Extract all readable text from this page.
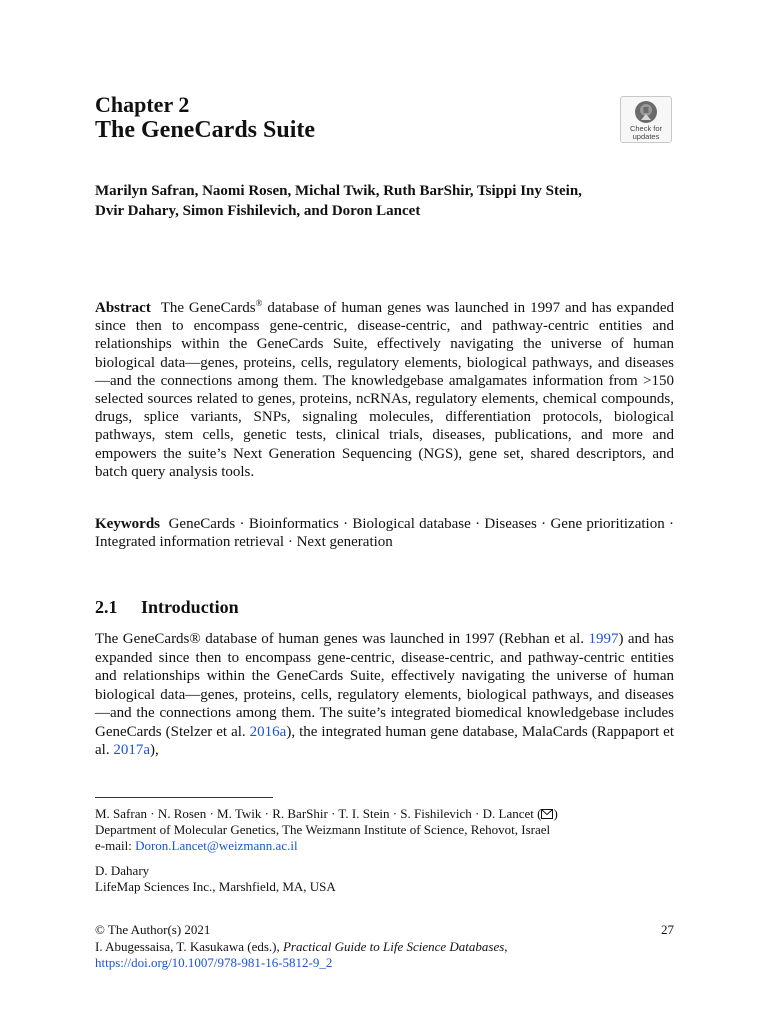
Chapter 2
The GeneCards Suite	Check for
updates
Marilyn Safran, Naomi Rosen, Michal Twik, Ruth BarShir, Tsippi Iny Stein,
Dvir Dahary, Simon Fishilevich, and Doron Lancet
Abstract The GeneCards® database of human genes was launched in 1997 and has expanded since then to encompass gene-centric, disease-centric, and pathway-centric entities and relationships within the GeneCards Suite, effectively navigating the universe of human biological data—genes, proteins, cells, regulatory elements, biological pathways, and diseases—and the connections among them. The knowledgebase amalgamates information from >150 selected sources related to genes, proteins, ncRNAs, regulatory elements, chemical compounds, drugs, splice variants, SNPs, signaling molecules, differentiation protocols, biological pathways, stem cells, genetic tests, clinical trials, diseases, publications, and more and empowers the suite’s Next Generation Sequencing (NGS), gene set, shared descriptors, and batch query analysis tools.
Keywords GeneCards · Bioinformatics · Biological database · Diseases · Gene prioritization · Integrated information retrieval · Next generation
2.1 Introduction
The GeneCards® database of human genes was launched in 1997 (Rebhan et al. 1997) and has expanded since then to encompass gene-centric, disease-centric, and pathway-centric entities and relationships within the GeneCards Suite, effectively navigating the universe of human biological data—genes, proteins, cells, regulatory elements, biological pathways, and diseases—and the connections among them. The suite’s integrated biomedical knowledgebase includes GeneCards (Stelzer et al. 2016a), the integrated human gene database, MalaCards (Rappaport et al. 2017a),
M. Safran · N. Rosen · M. Twik · R. BarShir · T. I. Stein · S. Fishilevich · D. Lancet ( )
Department of Molecular Genetics, The Weizmann Institute of Science, Rehovot, Israel
e-mail: Doron.Lancet@weizmann.ac.il
D. Dahary
LifeMap Sciences Inc., Marshfield, MA, USA
© The Author(s) 2021
I. Abugessaisa, T. Kasukawa (eds.), Practical Guide to Life Science Databases,
https://doi.org/10.1007/978-981-16-5812-9_2
27
